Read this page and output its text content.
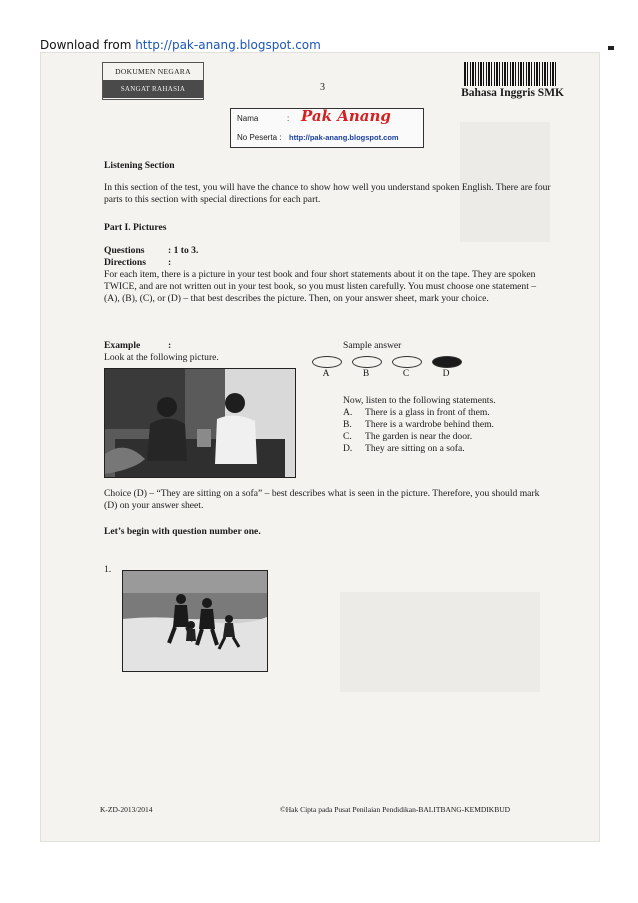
Download from http://pak-anang.blogspot.com
DOKUMEN NEGARA
SANGAT RAHASIA	3	Bahasa Inggris SMK
Nama	: Pak Anang
No Peserta : http://pak-anang.blogspot.com
Listening Section
In this section of the test, you will have the chance to show how well you understand spoken English. There are four parts to this section with special directions for each part.
Part I. Pictures
Questions : 1 to 3.
Directions :
For each item, there is a picture in your test book and four short statements about it on the tape. They are spoken TWICE, and are not written out in your test book, so you must listen carefully. You must choose one statement – (A), (B), (C), or (D) – that best describes the picture. Then, on your answer sheet, mark your choice.
Example	:
Look at the following picture.
Sample answer
A	B	C	D
Now, listen to the following statements.
A. There is a glass in front of them.
B. There is a wardrobe behind them.
C. The garden is near the door.
D. They are sitting on a sofa.
Choice (D) – “They are sitting on a sofa” – best describes what is seen in the picture. Therefore, you should mark (D) on your answer sheet.
Let’s begin with question number one.
1.
K-ZD-2013/2014	©Hak Cipta pada Pusat Penilaian Pendidikan-BALITBANG-KEMDIKBUD
